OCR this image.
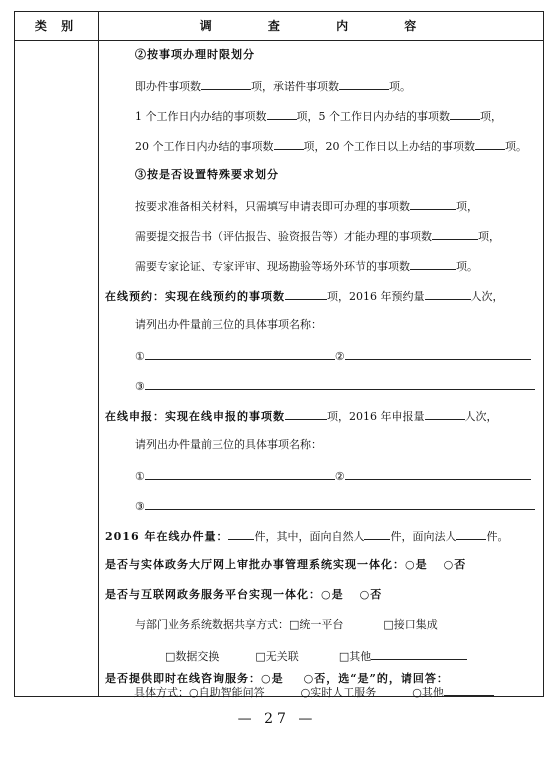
类 别	调 查 内 容
②按事项办理时限划分
即办件事项数	项，承诺件事项数	项。
1 个工作日内办结的事项数	项，5 个工作日内办结的事项数	项，
20 个工作日内办结的事项数	项，20 个工作日以上办结的事项数	项。
③按是否设置特殊要求划分
按要求准备相关材料，只需填写申请表即可办理的事项数	项，
需要提交报告书（评估报告、验资报告等）才能办理的事项数	项，
需要专家论证、专家评审、现场勘验等场外环节的事项数	项。
在线预约：实现在线预约的事项数	项，2016 年预约量	人次，
请列出办件量前三位的具体事项名称：
①	②
③
在线申报：实现在线申报的事项数	项，2016 年申报量	人次，
请列出办件量前三位的具体事项名称：
①	②
③
2016 年在线办件量： 件，其中，面向自然人 件，面向法人	件。
是否与实体政务大厅网上审批办事管理系统实现一体化：○是 ○否
是否与互联网政务服务平台实现一体化：○是 ○否
与部门业务系统数据共享方式：□统一平台	□接口集成
□数据交换	□无关联	□其他
是否提供即时在线咨询服务：○是 ○否，选“是”的，请回答：
具体方式：○自助智能问答	○实时人工服务	○其他
— 27 —
